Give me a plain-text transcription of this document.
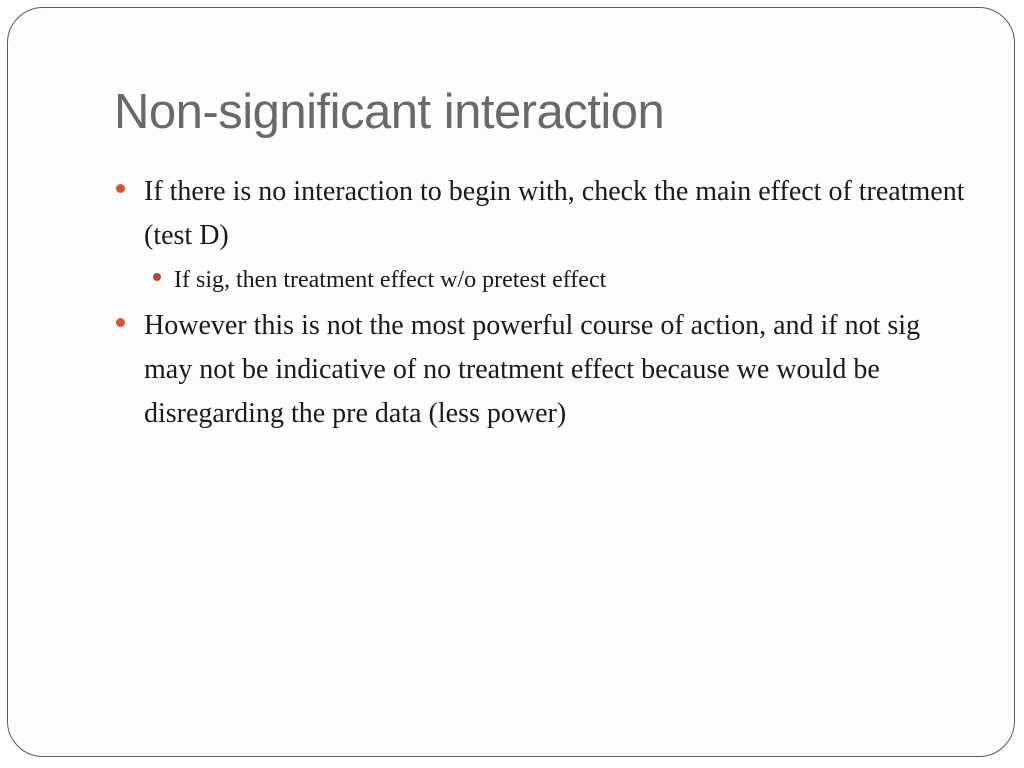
Non-significant interaction
If there is no interaction to begin with, check the main effect of treatment (test D)
If sig, then treatment effect w/o pretest effect
However this is not the most powerful course of action, and if not sig may not be indicative of no treatment effect because we would be disregarding the pre data (less power)
